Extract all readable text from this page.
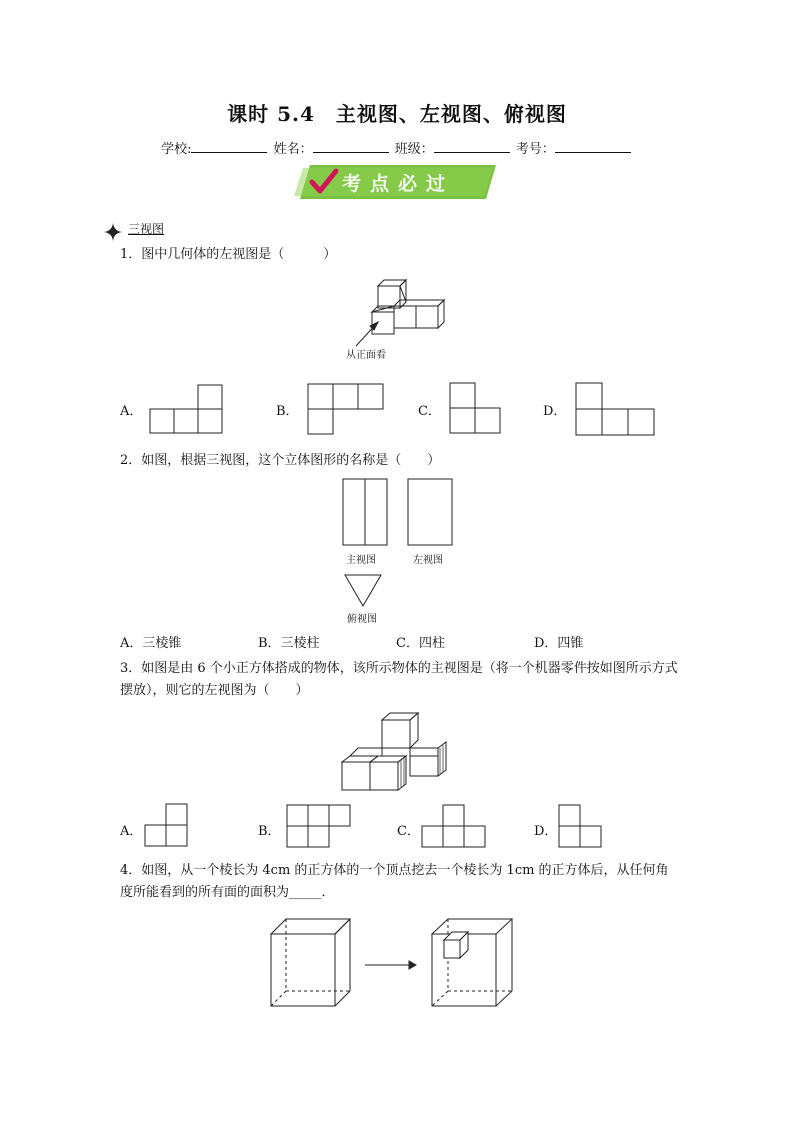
课时 5.4　主视图、左视图、俯视图
学校:	姓名：	班级：	考号：
考点必过
三视图
1．图中几何体的左视图是（　　　）
从正面看
A．	B．	C．	D．
2．如图，根据三视图，这个立体图形的名称是（　　）
主视图	左视图
俯视图
A．三棱锥	B．三棱柱	C．四柱	D．四锥
3．如图是由 6 个小正方体搭成的物体，该所示物体的主视图是（将一个机器零件按如图所示方式摆放），则它的左视图为（　　）
A．	B．	C．	D．
4．如图，从一个棱长为 4cm 的正方体的一个顶点挖去一个棱长为 1cm 的正方体后，从任何角度所能看到的所有面的面积为_____．
